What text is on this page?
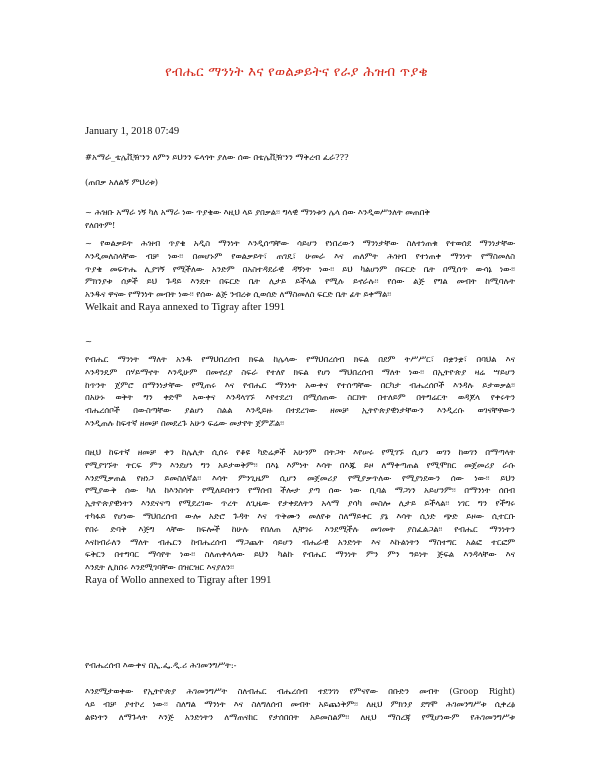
የብሔር ማንነት እና የወልቃይትና የራያ ሕዝብ ጥያቄ
January 1, 2018 07:49
#አማራ_ቴሌቪዥንን ለምን ይህንን ፍላጎት ያለው ሰው በቴሌቪዥንን ማቅረብ ፈራ???
(ጠበቃ አለልኝ ምህረቱ)
~ ሕዝቡ አማራ ነኝ ካለ አማራ ነው ጥያቄው እዚህ ላይ ያበቃል፡፡ ግላዊ ማንነቱን ሌላ ሰው እንዲወሥንለት መጠበቅ
የለበትም!
~ የወልቃይት ሕዝብ ጥያቄ አዲስ ማንነት እንዲሰጣቸው ሳይሆን የነበረውን ማንነታቸው ስለተነጠቁ የተወሰደ ማንነታቸው
እንዲመለስላቸው ብቻ ነው፡፡ በመሆኑም የወልቃይት፣ ጠገዴ፣ ሁመራ እና ጠለምት ሕዝብ የተነጠቀ ማንነት የማስመለስ
ጥያቄ መፍትሔ ሊያገኝ የሚችለው አንድም በአስተዳደራዊ ዳኝነት ነው፡፡ ይህ ካልሆነም በፍርድ ቤት በሚሰጥ ውሳኔ ነው፡፡
ምክንያቱ ሰዎች ይህ ጉዳይ እንዴት በፍርድ ቤት ሊታይ ይችላል የሚሉ ይኖራሉ፡፡ የሰው ልጅ የግል መብት ከሚባሉት
አንዱና ዋናው የማንነት መብት ነው፡፡ የሰው ልጅ ንብረቱ ሲወሰድ ለማስመለስ ፍርድ ቤት ፊት ይቀማል፡፡
Welkait and Raya annexed to Tigray after 1991
~
የብሔር ማንነት ማለት አንዱ የማህበረሰብ ክፍል ከሌላው የማህበረሰብ ክፍል በደም ትሥሥር፣ በቋንቋ፣ በባህል እና
እንዳንዴም በሃይማኖት እንዲሁም በመኖሪያ ስፍራ የተለየ ክፍል የሆነ ማህበረሰብ ማለት ነው፡፡ በኢትዮጵያ ዛሬ ሣይሆን
ከጥንት ጀምሮ በማንነታቸው የሚጠሩ እና የብሔር ማንነት አውቀና የተሰጣቸው በርካታ ብሔረሰቦች እንዳሉ ይታወቃል፡፡
በአሁኑ ወቅት ግን ቀድሞ አውቀና እንዳላገኙ እየተደረገ በሚሰጠው ስርክት በተለይም በትግሬርት ወዳጆላ የቀሩትን
ብሔረሰቦች በውስጣቸው ያልሆነ ስልል እንዲይዙ በተደረገው ዘመቻ ኢትዮጵያዊነታቸውን እንዲረሱ ወገናቸዋውን
እንዲጠሉ ከፍተኛ ዘመቻ በመደረጉ አሁን ፍሬው መታየት ጀምሯል፡፡
በዚህ ከፍተኛ ዘመቻ ቀን ከሌሊት ሲሰሩ የቆዩ ካድሬዎች አሁንም በትጋት እየሠሩ የሚገኙ ሲሆን ወገን ከወገን በማጣላት
የሚያገኙት ትርፍ ምን እንደሆነ ግን አይታወቅም፡፡ በእኔ እምነት እሳት በእጁ ይዞ ለማቀጣጠል የሚሞክር መጀመሪያ ራሱ
እንደሚቃጠል የዘነጋ ይመስለኛል፡፡ እሳት ምንጊዜም ሲሆን መጀመሪያ የሚያቃጥለው የሚያነደውን ሰው ነው፡፡ ይህን
የሚያውቅ ሰው ካለ ከእንስሳት የሚለይበትን የማሰብ ችሎታ ያጣ ሰው ነው ቢባል ማጋነን አይሆንም፡፡ በማንነት ሰበብ
ኢትዮጵያዊነትን እንደናናጣ የሚደረገው ጥረት ለጊዜው የታቀደለትን አላማ ያሳካ መስሎ ሊታይ ይችላል፡፡ ነገር ግን የችግሩ
ተካፋይ የሆነው ማህበረሰብ ውሎ አድሮ ጉዳት እና ጥቅሙን መለየቱ ስለማይቀር ያኔ እሳት ሲነድ ጭድ ይዞው ሲተርቡ
የበሩ ድባቅ እጅግ ላቸው ክፍሎች ከሁሉ የበለጠ ሊቸገሩ እንደሚችሉ መገመት ያስፈልጋል፡፡ የብሔር ማንነትን
እናከብራለን ማለት ብሔርን ከብሔረሰብ ማጋጨት ሳይሆን ብሔራዊ አንድነት እና እኩልነትን ማስተግር አልፎ ተርፎም
ፍቅርን በተግባር ማሳየት ነው፡፡ ስለጠቀላላው ይህን ካልኩ የብሔር ማንነት ምን ምን ዓይነት ጅፍል እንዳላቸው እና
እንዴት ሊከበሩ እንደሚገባቸው በዝርዝር እናያለን፡፡
Raya of Wollo annexed to Tigray after 1991
የብሔረሰብ እውቀና በኢ.ፌ.ዲ.ሪ ሕገመንግሥት:-
እንደሚታወቀው የኢትዮጵያ ሕገመንግሥት ስለብሔር ብሔረሰብ ተደንገነ የምናየው በቡድን መብት (Groop Right)
ላይ ብቻ ያተኮረ ነው፡፡ ስለግል ማንነት እና ስለግለሰብ መብት አይጨነቅም፡፡ ለዚህ ምክንያ ደግሞ ሕገመንግሥቱ ሲቀረፅ
ልዩነትን ለማጉላት እንጅ አንድነትን ለማጠናከር የታሰበበት አይመስልም፡፡ ለዚህ ማስረጃ የሚሆነውም የሕገመንግሥቱ
